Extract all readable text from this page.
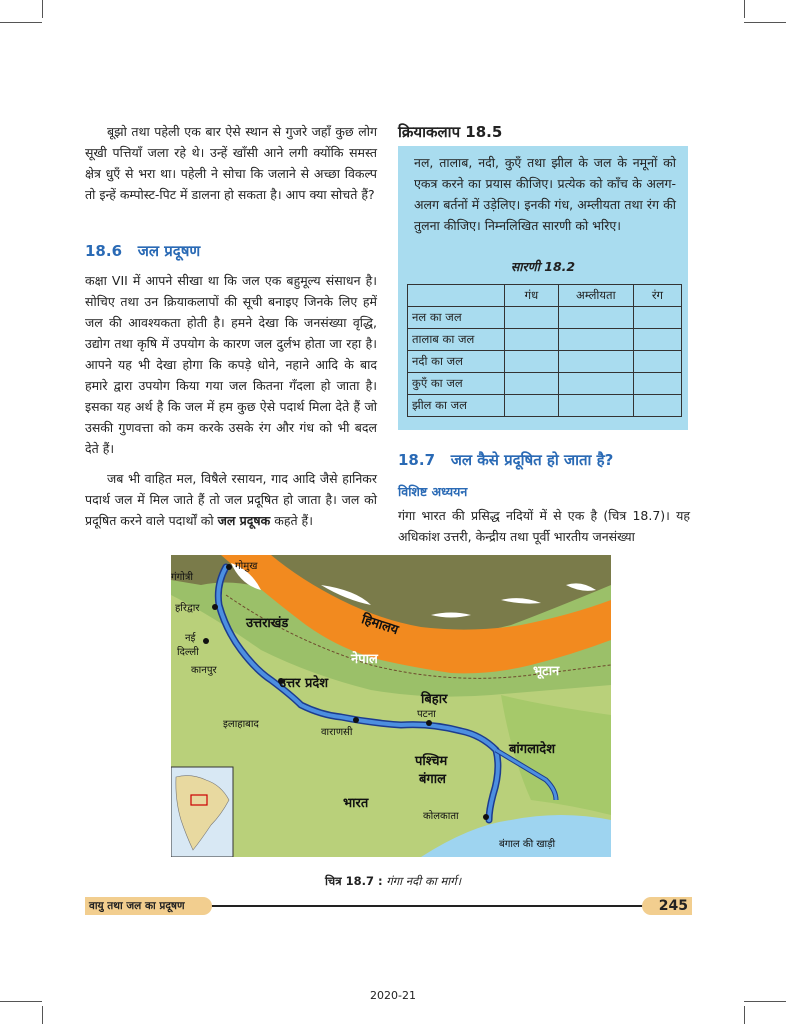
बूझो तथा पहेली एक बार ऐसे स्थान से गुजरे जहाँ कुछ लोग सूखी पत्तियाँ जला रहे थे। उन्हें खाँसी आने लगी क्योंकि समस्त क्षेत्र धुएँ से भरा था। पहेली ने सोचा कि जलाने से अच्छा विकल्प तो इन्हें कम्पोस्ट-पिट में डालना हो सकता है। आप क्या सोचते हैं?
18.6 जल प्रदूषण
कक्षा VII में आपने सीखा था कि जल एक बहुमूल्य संसाधन है। सोचिए तथा उन क्रियाकलापों की सूची बनाइए जिनके लिए हमें जल की आवश्यकता होती है। हमने देखा कि जनसंख्या वृद्धि, उद्योग तथा कृषि में उपयोग के कारण जल दुर्लभ होता जा रहा है। आपने यह भी देखा होगा कि कपड़े धोने, नहाने आदि के बाद हमारे द्वारा उपयोग किया गया जल कितना गँदला हो जाता है। इसका यह अर्थ है कि जल में हम कुछ ऐसे पदार्थ मिला देते हैं जो उसकी गुणवत्ता को कम करके उसके रंग और गंध को भी बदल देते हैं।
जब भी वाहित मल, विषैले रसायन, गाद आदि जैसे हानिकर पदार्थ जल में मिल जाते हैं तो जल प्रदूषित हो जाता है। जल को प्रदूषित करने वाले पदार्थों को जल प्रदूषक कहते हैं।
क्रियाकलाप 18.5
नल, तालाब, नदी, कुएँ तथा झील के जल के नमूनों को एकत्र करने का प्रयास कीजिए। प्रत्येक को काँच के अलग-अलग बर्तनों में उड़ेलिए। इनकी गंध, अम्लीयता तथा रंग की तुलना कीजिए। निम्नलिखित सारणी को भरिए।
सारणी 18.2
	गंध	अम्लीयता	रंग
नल का जल			
तालाब का जल			
नदी का जल			
कुएँ का जल			
झील का जल			
18.7 जल कैसे प्रदूषित हो जाता है?
विशिष्ट अध्ययन
गंगा भारत की प्रसिद्ध नदियों में से एक है (चित्र 18.7)। यह अधिकांश उत्तरी, केन्द्रीय तथा पूर्वी भारतीय जनसंख्या
गोमुख
गंगोत्री
हरिद्वार
नई
दिल्ली
कानपुर
उत्तराखंड	हिमालय
नेपाल
उत्तर प्रदेश
भूटान
बिहार
पटना
इलाहाबाद
वाराणसी
बांगलादेश
पश्चिम
बंगाल
भारत
कोलकाता
बंगाल की खाड़ी
चित्र 18.7 : गंगा नदी का मार्ग।
वायु तथा जल का प्रदूषण	245
2020-21
